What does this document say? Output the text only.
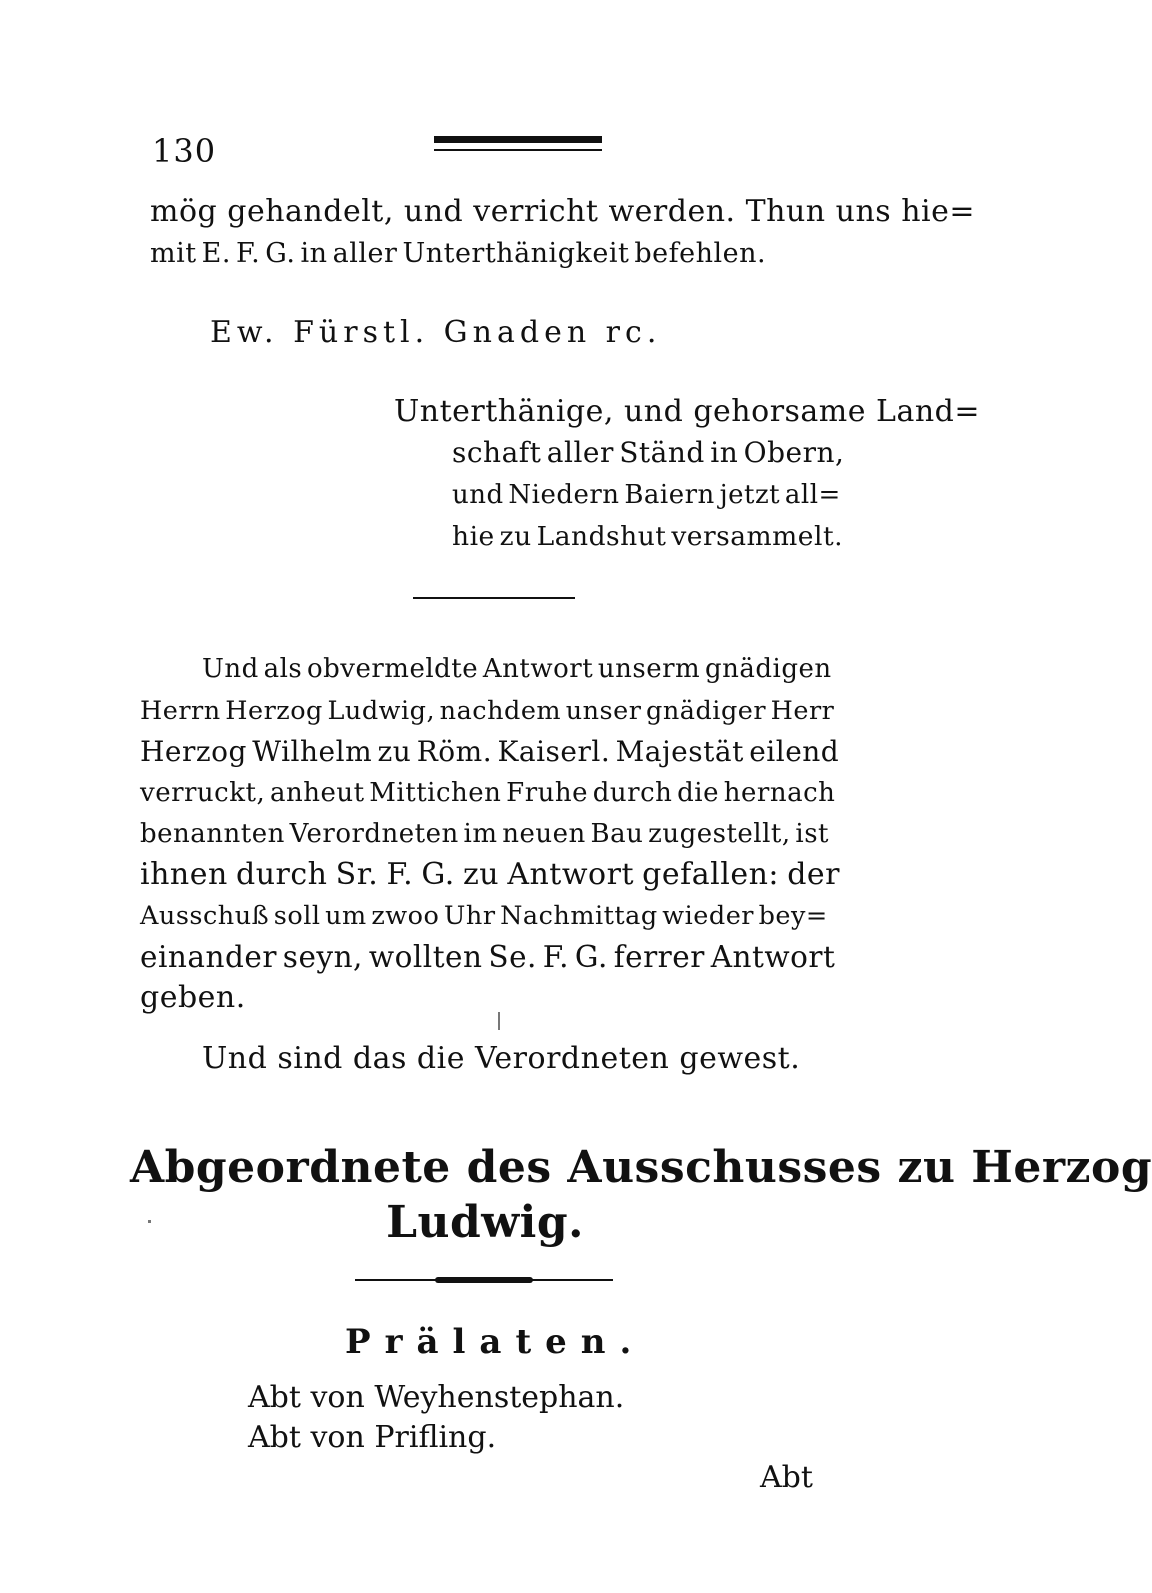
130
mög gehandelt, und verricht werden. Thun uns hie=
mit E. F. G. in aller Unterthänigkeit befehlen.
Ew. Fürstl. Gnaden rc.
Unterthänige, und gehorsame Land=
schaft aller Ständ in Obern,
und Niedern Baiern jetzt all=
hie zu Landshut versammelt.
Und als obvermeldte Antwort unserm gnädigen
Herrn Herzog Ludwig, nachdem unser gnädiger Herr
Herzog Wilhelm zu Röm. Kaiserl. Majestät eilend
verruckt, anheut Mittichen Fruhe durch die hernach
benannten Verordneten im neuen Bau zugestellt, ist
ihnen durch Sr. F. G. zu Antwort gefallen: der
Ausschuß soll um zwoo Uhr Nachmittag wieder bey=
einander seyn, wollten Se. F. G. ferrer Antwort
geben.
Und sind das die Verordneten gewest.
Abgeordnete des Ausschusses zu Herzog
Ludwig.
Prälaten.
Abt von Weyhenstephan.
Abt von Prifling.
Abt
